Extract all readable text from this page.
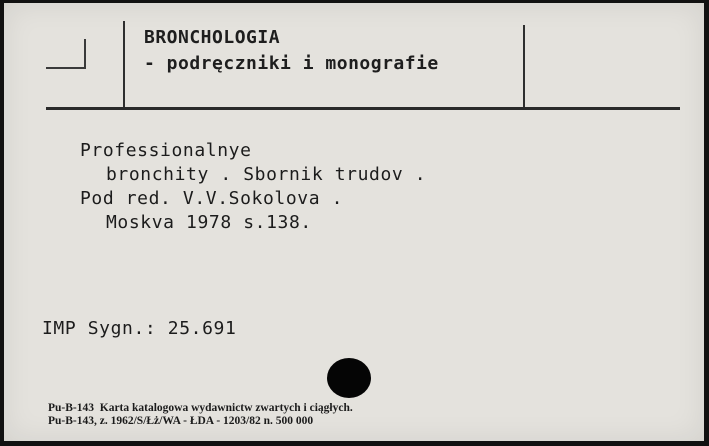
BRONCHOLOGIA
- podręczniki i monografie
Professionalnye
bronchity . Sbornik trudov .
Pod red. V.V.Sokolova .
Moskva 1978 s.138.
IMP Sygn.: 25.691
Pu-B-143  Karta katalogowa wydawnictw zwartych i ciągłych.
Pu-B-143, z. 1962/S/Łż/WA - ŁDA - 1203/82 n. 500 000
